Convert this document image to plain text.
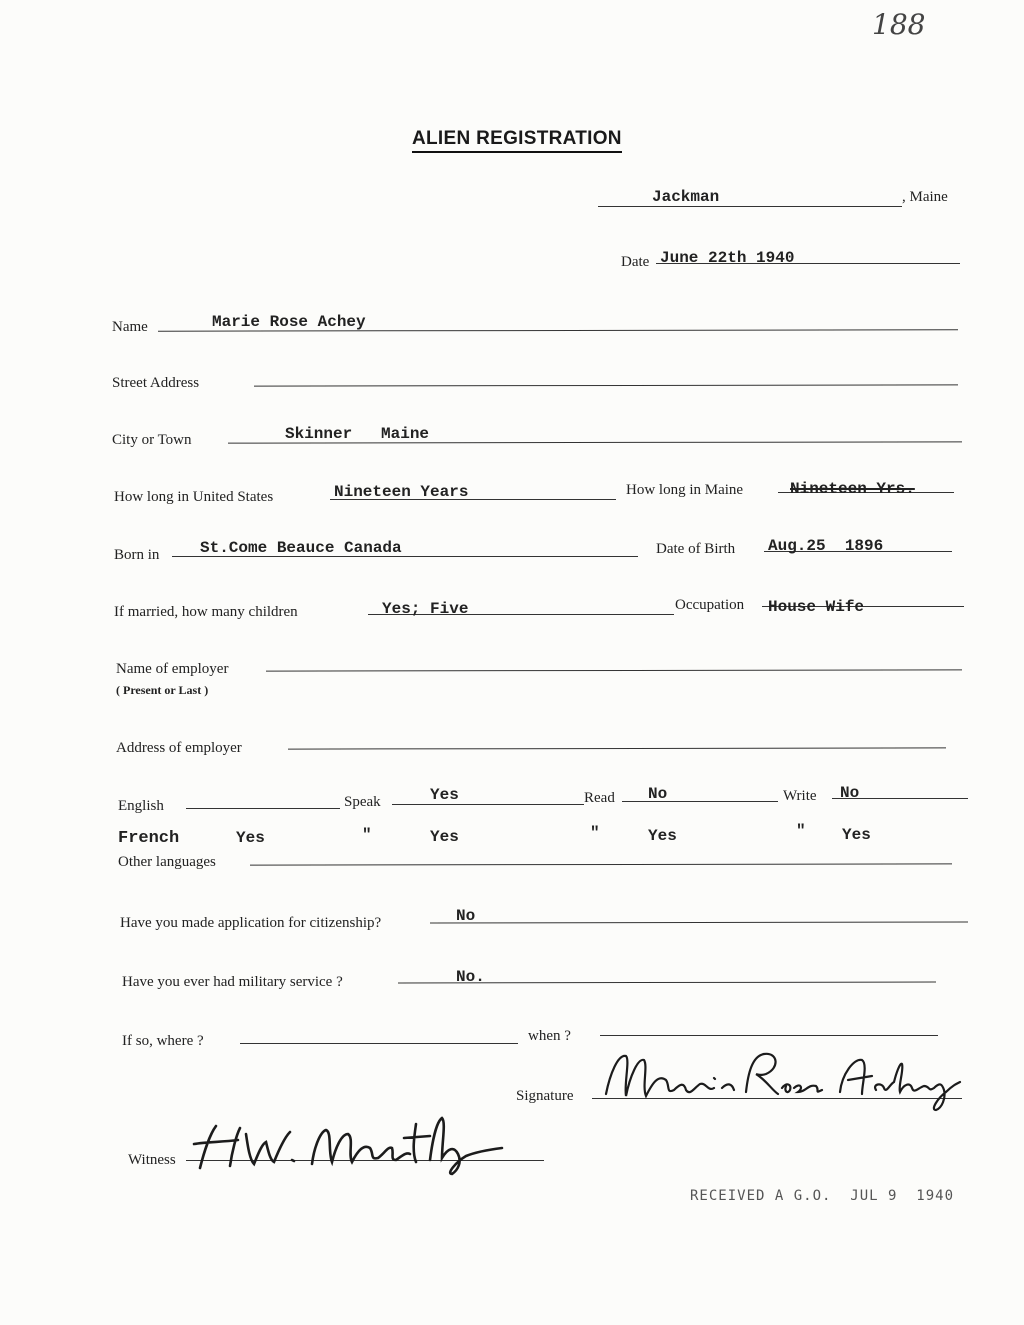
188
ALIEN REGISTRATION
Jackman	, Maine
Date June 22th 1940
Name	Marie Rose Achey
Street Address
City or Town	Skinner   Maine
How long in United States	Nineteen Years	How long in Maine	Nineteen Yrs.
Born in	St.Come Beauce Canada	Date of Birth Aug.25  1896
If married, how many children	Yes; Five	Occupation House Wife
Name of employer
( Present or Last )
Address of employer
English	Speak	Yes	Read No	Write No
French	Yes	"	Yes	"	Yes	" Yes
Other languages
Have you made application for citizenship?	No
Have you ever had military service ?	No.
If so, where ?	when ?
Signature
Witness
RECEIVED A G.O.  JUL 9  1940
